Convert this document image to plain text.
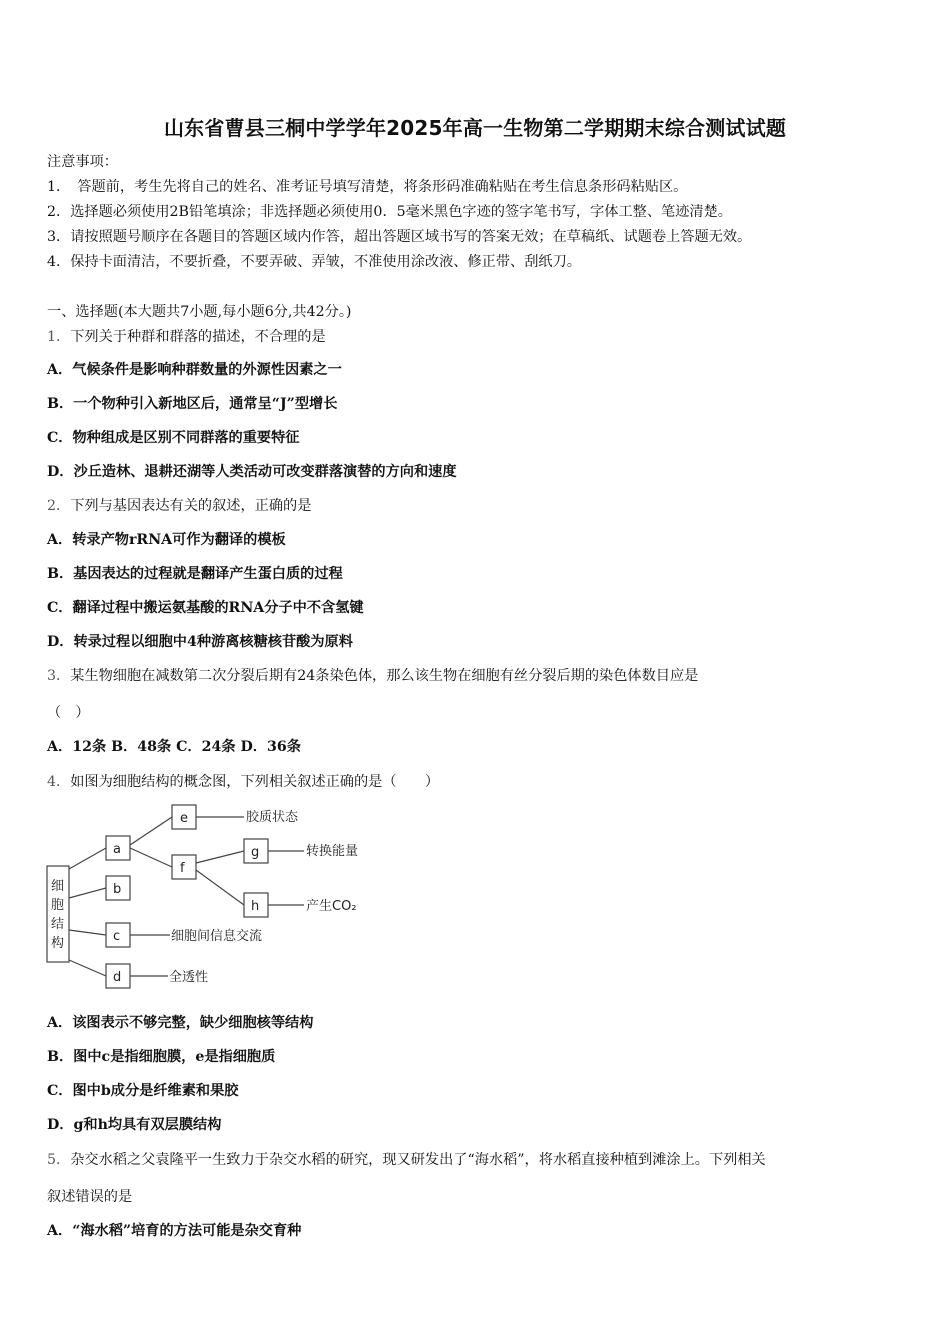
山东省曹县三桐中学学年2025年高一生物第二学期期末综合测试试题
注意事项：
1．　答题前，考生先将自己的姓名、准考证号填写清楚，将条形码准确粘贴在考生信息条形码粘贴区。
2．选择题必须使用2B铅笔填涂；非选择题必须使用0．5毫米黑色字迹的签字笔书写，字体工整、笔迹清楚。
3．请按照题号顺序在各题目的答题区域内作答，超出答题区域书写的答案无效；在草稿纸、试题卷上答题无效。
4．保持卡面清洁，不要折叠，不要弄破、弄皱，不准使用涂改液、修正带、刮纸刀。
一、选择题(本大题共7小题,每小题6分,共42分。)
1．下列关于种群和群落的描述，不合理的是
A．气候条件是影响种群数量的外源性因素之一
B．一个物种引入新地区后，通常呈“J”型增长
C．物种组成是区别不同群落的重要特征
D．沙丘造林、退耕还湖等人类活动可改变群落演替的方向和速度
2．下列与基因表达有关的叙述，正确的是
A．转录产物rRNA可作为翻译的模板
B．基因表达的过程就是翻译产生蛋白质的过程
C．翻译过程中搬运氨基酸的RNA分子中不含氢键
D．转录过程以细胞中4种游离核糖核苷酸为原料
3．某生物细胞在减数第二次分裂后期有24条染色体，那么该生物在细胞有丝分裂后期的染色体数目应是
（　）
A．12条 B．48条 C．24条 D．36条
4．如图为细胞结构的概念图，下列相关叙述正确的是（　　）
细
胞
结
构
a
b
c
d
e
f
g
h
胶质状态
转换能量
产生CO₂
细胞间信息交流
全透性
A．该图表示不够完整，缺少细胞核等结构
B．图中c是指细胞膜，e是指细胞质
C．图中b成分是纤维素和果胶
D．g和h均具有双层膜结构
5．杂交水稻之父袁隆平一生致力于杂交水稻的研究，现又研发出了“海水稻”，将水稻直接种植到滩涂上。下列相关
叙述错误的是
A．“海水稻”培育的方法可能是杂交育种
